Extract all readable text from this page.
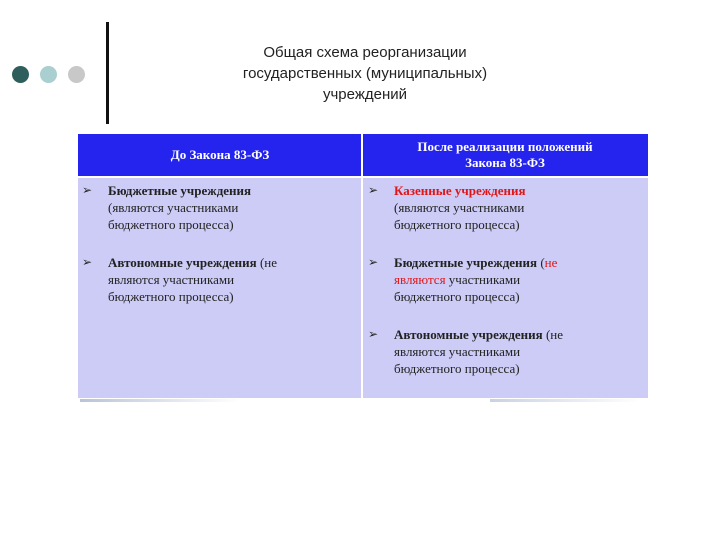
Общая схема реорганизации
государственных (муниципальных)
учреждений
До Закона 83-ФЗ
После реализации положений
Закона 83-ФЗ
➢ Бюджетные учреждения
(являются участниками
бюджетного процесса)
➢ Автономные учреждения (не
являются участниками
бюджетного процесса)
➢ Казенные учреждения
(являются участниками
бюджетного процесса)
➢ Бюджетные учреждения (не
являются участниками
бюджетного процесса)
➢ Автономные учреждения (не
являются участниками
бюджетного процесса)
